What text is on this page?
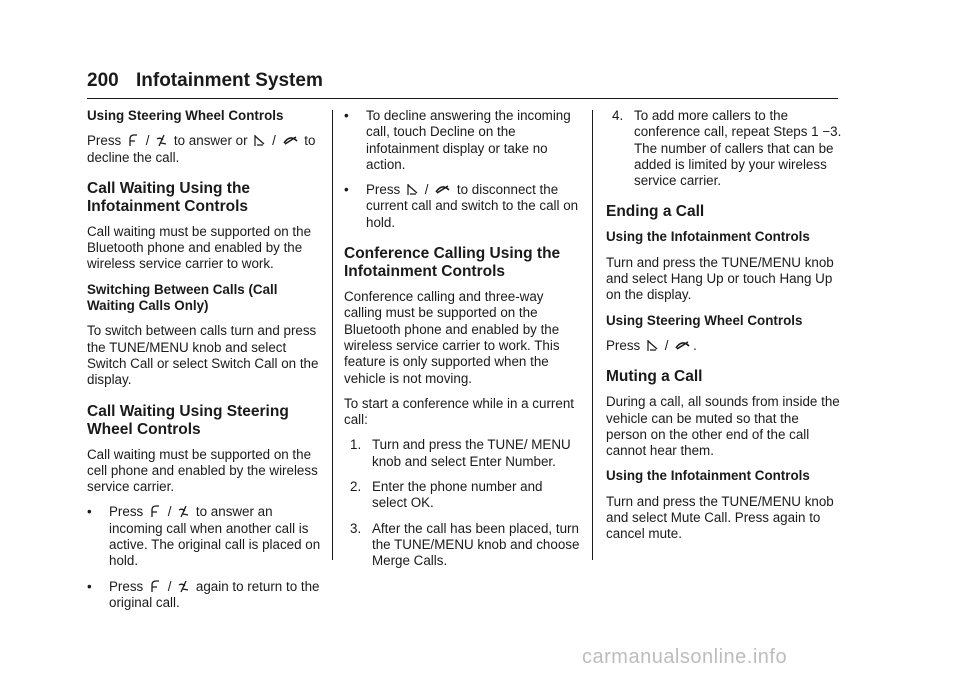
200 Infotainment System

Using Steering Wheel Controls

Press / to answer or / to decline the call.

Call Waiting Using the Infotainment Controls

Call waiting must be supported on the Bluetooth phone and enabled by the wireless service carrier to work.

Switching Between Calls (Call Waiting Calls Only)

To switch between calls turn and press the TUNE/MENU knob and select Switch Call or select Switch Call on the display.

Call Waiting Using Steering Wheel Controls

Call waiting must be supported on the cell phone and enabled by the wireless service carrier.

• Press / to answer an incoming call when another call is active. The original call is placed on hold.
• Press / again to return to the original call.
• To decline answering the incoming call, touch Decline on the infotainment display or take no action.
• Press / to disconnect the current call and switch to the call on hold.
Conference Calling Using the Infotainment Controls

Conference calling and three-way calling must be supported on the Bluetooth phone and enabled by the wireless service carrier to work. This feature is only supported when the vehicle is not moving.

To start a conference while in a current call:

1. Turn and press the TUNE/ MENU knob and select Enter Number.
2. Enter the phone number and select OK.
3. After the call has been placed, turn the TUNE/MENU knob and choose Merge Calls.
4. To add more callers to the conference call, repeat Steps 1 −3. The number of callers that can be added is limited by your wireless service carrier.
Ending a Call

Using the Infotainment Controls

Turn and press the TUNE/MENU knob and select Hang Up or touch Hang Up on the display.

Using Steering Wheel Controls

Press / .

Muting a Call

During a call, all sounds from inside the vehicle can be muted so that the person on the other end of the call cannot hear them.

Using the Infotainment Controls

Turn and press the TUNE/MENU knob and select Mute Call. Press again to cancel mute.

carmanualsonline.info
